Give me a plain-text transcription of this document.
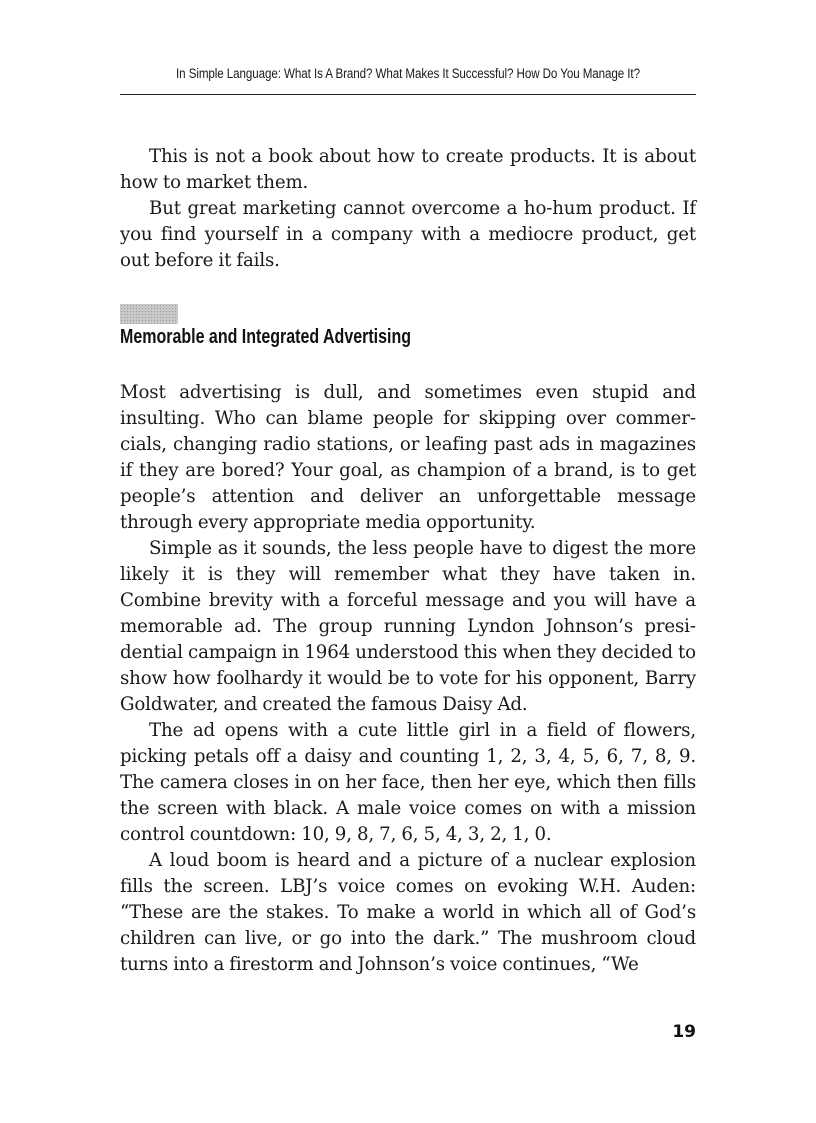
In Simple Language: What Is A Brand? What Makes It Successful? How Do You Manage It?

This is not a book about how to create products. It is about how to market them.

But great marketing cannot overcome a ho-hum product. If you find yourself in a company with a mediocre product, get out before it fails.

Memorable and Integrated Advertising

Most advertising is dull, and sometimes even stupid and insulting. Who can blame people for skipping over commercials, changing radio stations, or leafing past ads in magazines if they are bored? Your goal, as champion of a brand, is to get people’s attention and deliver an unforgettable message through every appropriate media opportunity.

Simple as it sounds, the less people have to digest the more likely it is they will remember what they have taken in. Combine brevity with a forceful message and you will have a memorable ad. The group running Lyndon Johnson’s presidential campaign in 1964 understood this when they decided to show how foolhardy it would be to vote for his opponent, Barry Goldwater, and created the famous Daisy Ad.

The ad opens with a cute little girl in a field of flowers, picking petals off a daisy and counting 1, 2, 3, 4, 5, 6, 7, 8, 9. The camera closes in on her face, then her eye, which then fills the screen with black. A male voice comes on with a mission control countdown: 10, 9, 8, 7, 6, 5, 4, 3, 2, 1, 0.

A loud boom is heard and a picture of a nuclear explosion fills the screen. LBJ’s voice comes on evoking W.H. Auden: “These are the stakes. To make a world in which all of God’s children can live, or go into the dark.” The mushroom cloud turns into a firestorm and Johnson’s voice continues, “We

19
